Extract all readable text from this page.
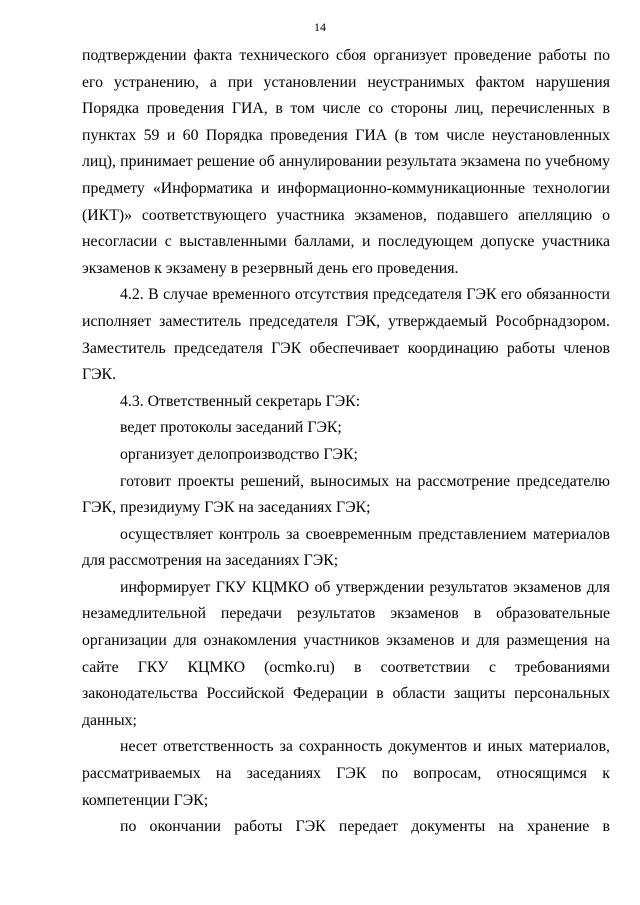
14

подтверждении факта технического сбоя организует проведение работы по его устранению, а при установлении неустранимых фактом нарушения Порядка проведения ГИА, в том числе со стороны лиц, перечисленных в пунктах 59 и 60 Порядка проведения ГИА (в том числе неустановленных лиц), принимает решение об аннулировании результата экзамена по учебному предмету «Информатика и информационно-коммуникационные технологии (ИКТ)» соответствующего участника экзаменов, подавшего апелляцию о несогласии с выставленными баллами, и последующем допуске участника экзаменов к экзамену в резервный день его проведения.

4.2. В случае временного отсутствия председателя ГЭК его обязанности исполняет заместитель председателя ГЭК, утверждаемый Рособрнадзором. Заместитель председателя ГЭК обеспечивает координацию работы членов ГЭК.

4.3. Ответственный секретарь ГЭК:

ведет протоколы заседаний ГЭК;

организует делопроизводство ГЭК;

готовит проекты решений, выносимых на рассмотрение председателю ГЭК, президиуму ГЭК на заседаниях ГЭК;

осуществляет контроль за своевременным представлением материалов для рассмотрения на заседаниях ГЭК;

информирует ГКУ КЦМКО об утверждении результатов экзаменов для незамедлительной передачи результатов экзаменов в образовательные организации для ознакомления участников экзаменов и для размещения на сайте ГКУ КЦМКО (ocmko.ru) в соответствии с требованиями законодательства Российской Федерации в области защиты персональных данных;

несет ответственность за сохранность документов и иных материалов, рассматриваемых на заседаниях ГЭК по вопросам, относящимся к компетенции ГЭК;

по окончании работы ГЭК передает документы на хранение в
